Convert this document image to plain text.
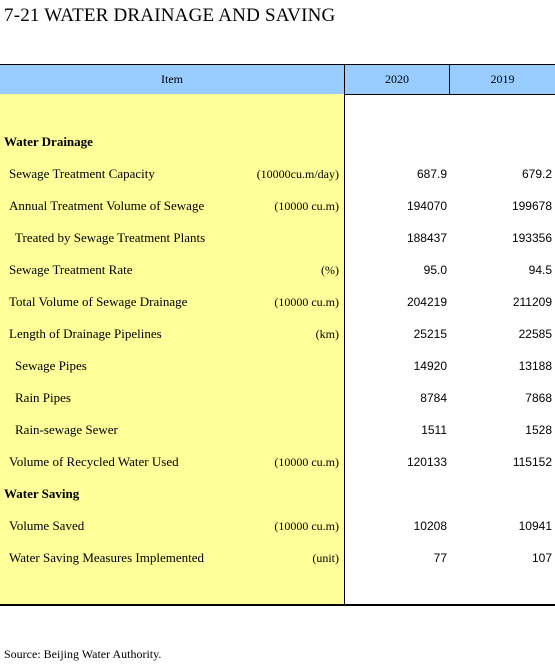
7-21 WATER DRAINAGE AND SAVING
Item	2020	2019
Water Drainage
Sewage Treatment Capacity	(10000cu.m/day)	687.9	679.2
Annual Treatment Volume of Sewage	(10000 cu.m)	194070	199678
Treated by Sewage Treatment Plants	188437	193356
Sewage Treatment Rate	(%)	95.0	94.5
Total Volume of Sewage Drainage	(10000 cu.m)	204219	211209
Length of Drainage Pipelines	(km)	25215	22585
Sewage Pipes	14920	13188
Rain Pipes	8784	7868
Rain-sewage Sewer	1511	1528
Volume of Recycled Water Used	(10000 cu.m)	120133	115152
Water Saving
Volume Saved	(10000 cu.m)	10208	10941
Water Saving Measures Implemented	(unit)	77	107
Source: Beijing Water Authority.
